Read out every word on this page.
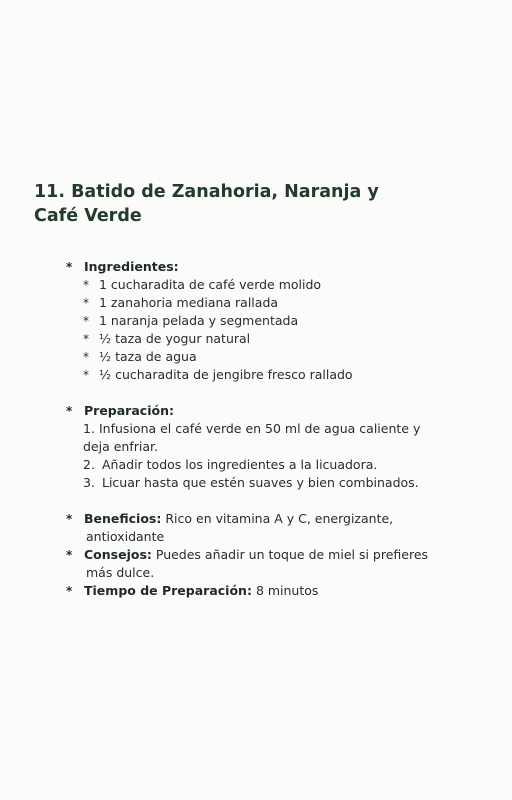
11. Batido de Zanahoria, Naranja y
Café Verde
* Ingredientes:
* 1 cucharadita de café verde molido
* 1 zanahoria mediana rallada
* 1 naranja pelada y segmentada
* ½ taza de yogur natural
* ½ taza de agua
* ½ cucharadita de jengibre fresco rallado
* Preparación:
1. Infusiona el café verde en 50 ml de agua caliente y
deja enfriar.
2. Añadir todos los ingredientes a la licuadora.
3. Licuar hasta que estén suaves y bien combinados.
* Beneficios: Rico en vitamina A y C, energizante,
antioxidante
* Consejos: Puedes añadir un toque de miel si prefieres
más dulce.
* Tiempo de Preparación: 8 minutos
